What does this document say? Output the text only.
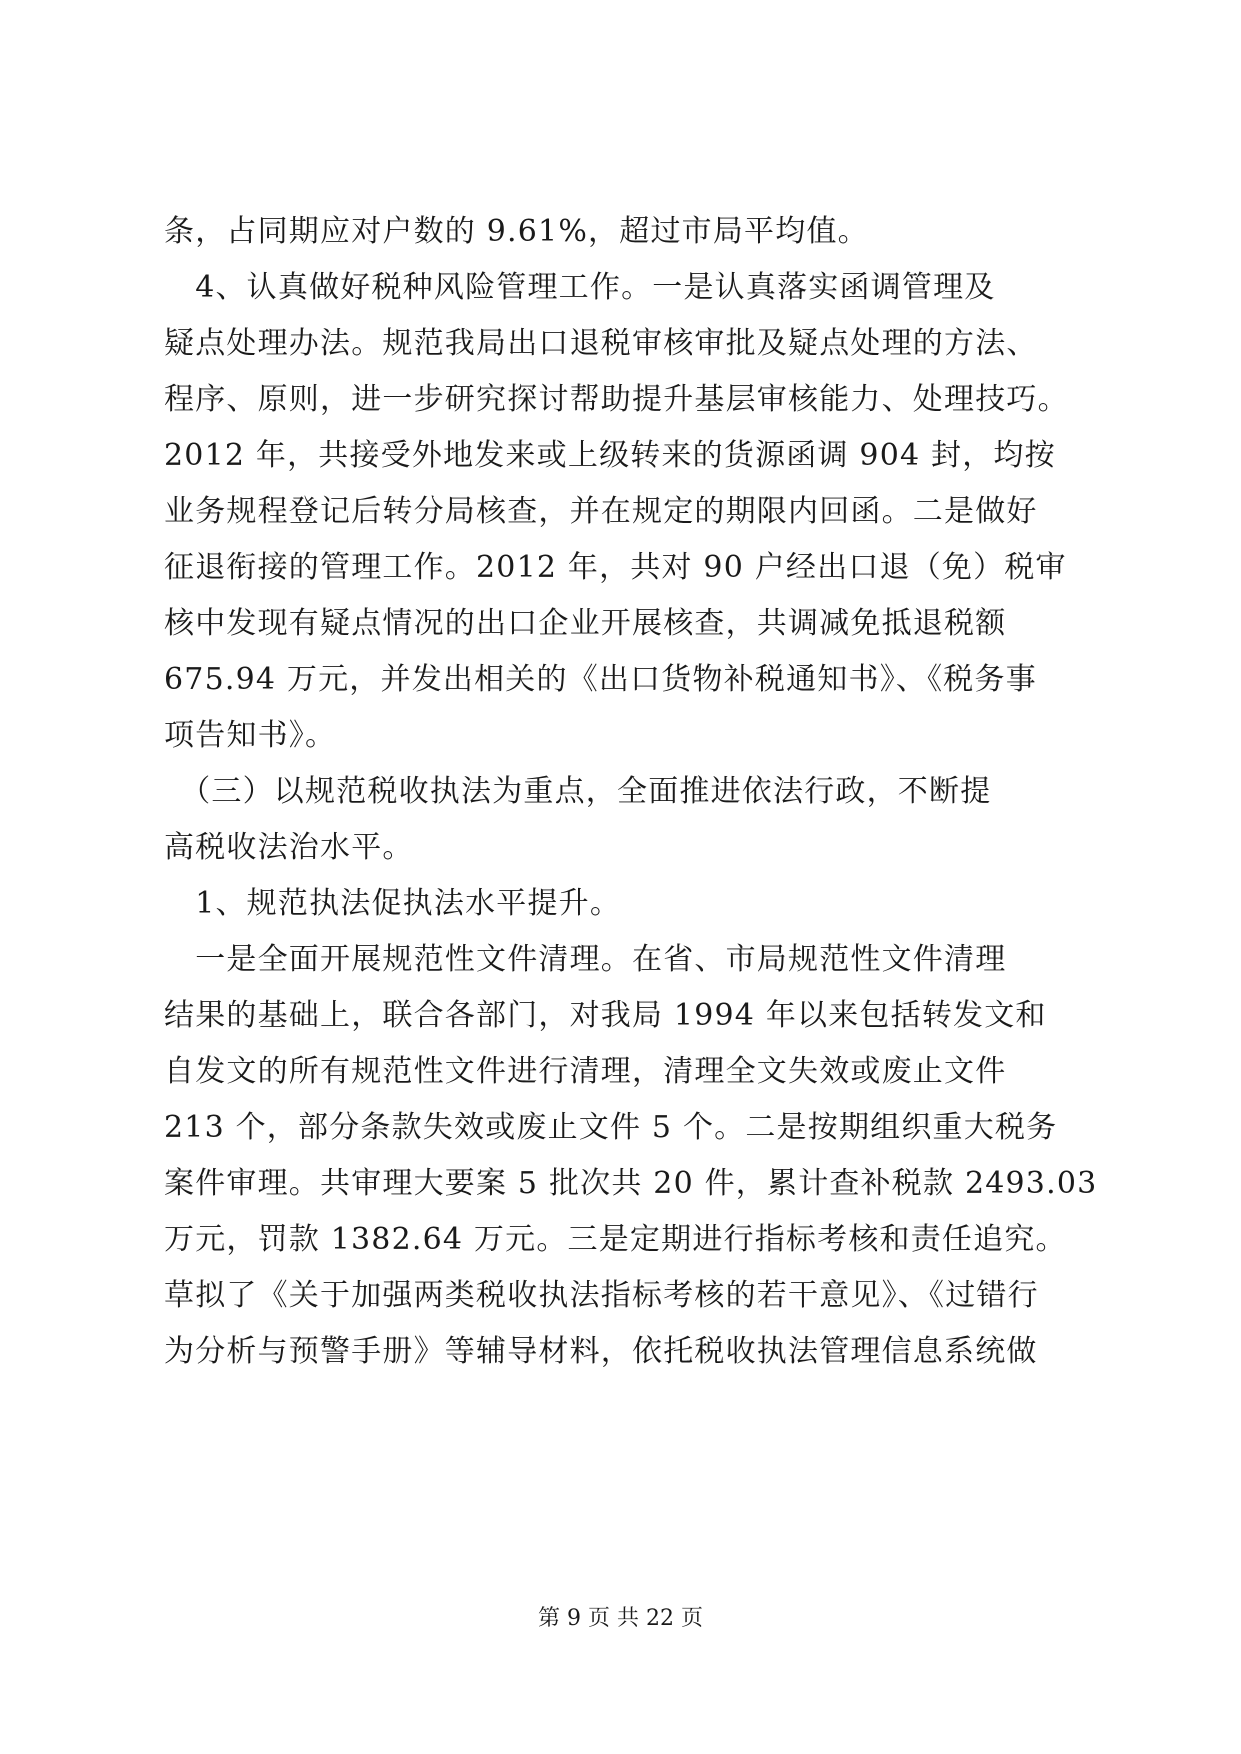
条，占同期应对户数的 9.61%，超过市局平均值。
　4、认真做好税种风险管理工作。一是认真落实函调管理及
疑点处理办法。规范我局出口退税审核审批及疑点处理的方法、
程序、原则，进一步研究探讨帮助提升基层审核能力、处理技巧。
2012 年，共接受外地发来或上级转来的货源函调 904 封，均按
业务规程登记后转分局核查，并在规定的期限内回函。二是做好
征退衔接的管理工作。2012 年，共对 90 户经出口退（免）税审
核中发现有疑点情况的出口企业开展核查，共调减免抵退税额
675.94 万元，并发出相关的《出口货物补税通知书》、《税务事
项告知书》。
　（三）以规范税收执法为重点，全面推进依法行政，不断提
高税收法治水平。
　1、规范执法促执法水平提升。
　一是全面开展规范性文件清理。在省、市局规范性文件清理
结果的基础上，联合各部门，对我局 1994 年以来包括转发文和
自发文的所有规范性文件进行清理，清理全文失效或废止文件
213 个，部分条款失效或废止文件 5 个。二是按期组织重大税务
案件审理。共审理大要案 5 批次共 20 件，累计查补税款 2493.03
万元，罚款 1382.64 万元。三是定期进行指标考核和责任追究。
草拟了《关于加强两类税收执法指标考核的若干意见》、《过错行
为分析与预警手册》等辅导材料，依托税收执法管理信息系统做
第 9 页 共 22 页
